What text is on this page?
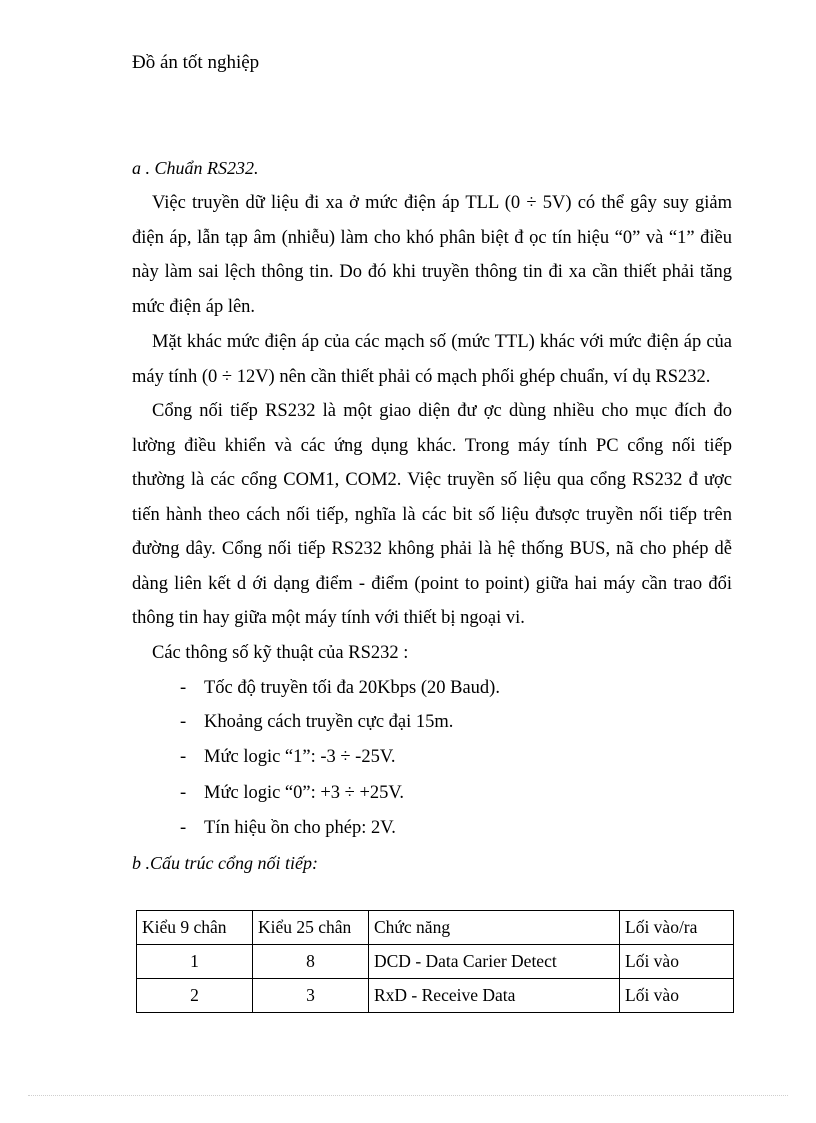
Đồ án tốt nghiệp
a . Chuẩn RS232.

Việc truyền dữ liệu đi xa ở mức điện áp TLL (0 ÷ 5V) có thể gây suy giảm điện áp, lẫn tạp âm (nhiễu) làm cho khó phân biệt đ ọc tín hiệu “0” và “1” điều này làm sai lệch thông tin. Do đó khi truyền thông tin đi xa cần thiết phải tăng mức điện áp lên.

Mặt khác mức điện áp của các mạch số (mức TTL) khác với mức điện áp của máy tính (0 ÷ 12V) nên cần thiết phải có mạch phối ghép chuẩn, ví dụ RS232.

Cổng nối tiếp RS232 là một giao diện đư ợc dùng nhiều cho mục đích đo lường điều khiển và các ứng dụng khác. Trong máy tính PC cổng nối tiếp thường là các cổng COM1, COM2. Việc truyền số liệu qua cổng RS232 đ ược tiến hành theo cách nối tiếp, nghĩa là các bit số liệu đưsợc truyền nối tiếp trên đường dây. Cổng nối tiếp RS232 không phải là hệ thống BUS, nã cho phép dễ dàng liên kết d ới dạng điểm - điểm (point to point) giữa hai máy cần trao đổi thông tin hay giữa một máy tính với thiết bị ngoại vi.

Các thông số kỹ thuật của RS232 :

- Tốc độ truyền tối đa 20Kbps (20 Baud).
- Khoảng cách truyền cực đại 15m.
- Mức logic “1”: -3 ÷ -25V.
- Mức logic “0”: +3 ÷ +25V.
- Tín hiệu ồn cho phép: 2V.
b .Cấu trúc cổng nối tiếp:
Kiểu 9 chân	Kiểu 25 chân	Chức năng	Lối vào/ra
1	8	DCD - Data Carier Detect	Lối vào
2	3	RxD - Receive Data	Lối vào
